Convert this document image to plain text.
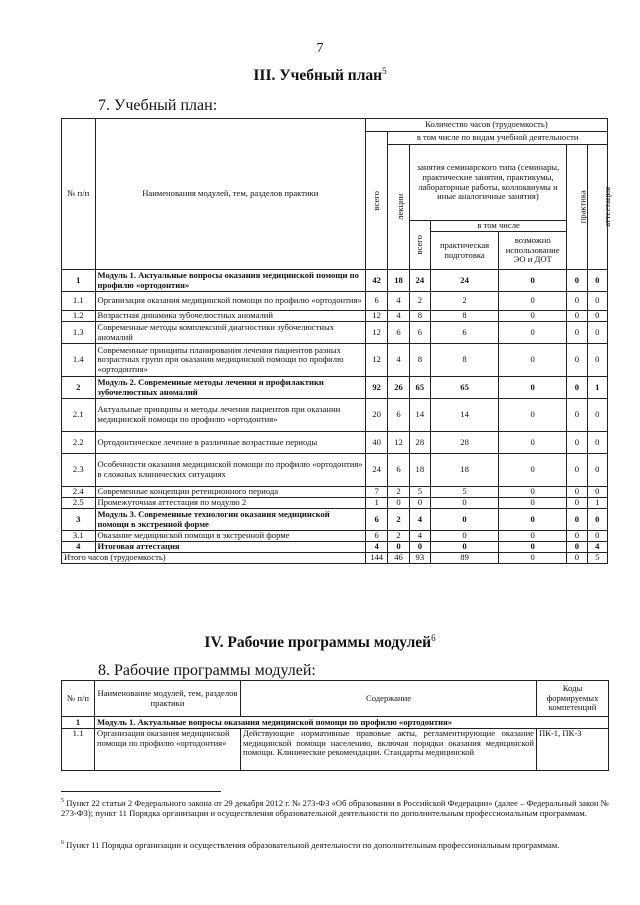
7
III. Учебный план$^5$
7. Учебный план:
№ п/п	Наименования модулей, тем, разделов практики	Количество часов (трудоемкость)						
		всего	в том числе по видам учебной деятельности					
			лекции	занятия семинарского типа (семинары, практические занятия, практикумы, лабораторные работы, коллоквиумы и иные аналогичные занятия)			практика	аттестация
				всего	в том числе			
					практическая подготовка	возможно использование ЭО и ДОТ		
1	Модуль 1. Актуальные вопросы оказания медицинской помощи по профилю «ортодонтия»	42	18	24	24	0	0	0
1.1	Организация оказания медицинской помощи по профилю «ортодонтия»	6	4	2	2	0	0	0
1.2	Возрастная динамика зубочелюстных аномалий	12	4	8	8	0	0	0
1.3	Современные методы комплексной диагностики зубочелюстных аномалий	12	6	6	6	0	0	0
1.4	Современные принципы планирования лечения пациентов разных возрастных групп при оказании медицинской помощи по профилю «ортодонтия»	12	4	8	8	0	0	0
2	Модуль 2. Современные методы лечения и профилактики зубочелюстных аномалий	92	26	65	65	0	0	1
2.1	Актуальные принципы и методы лечения пациентов при оказании медицинской помощи по профилю «ортодонтия»	20	6	14	14	0	0	0
2.2	Ортодонтическое лечение в различные возрастные периоды	40	12	28	28	0	0	0
2.3	Особенности оказания медицинской помощи по профилю «ортодонтия» в сложных клинических ситуациях	24	6	18	18	0	0	0
2.4	Современные концепции ретенционного периода	7	2	5	5	0	0	0
2.5	Промежуточная аттестация по модулю 2	1	0	0	0	0	0	1
3	Модуль 3. Современные технологии оказания медицинской помощи в экстренной форме	6	2	4	0	0	0	0
3.1	Оказание медицинской помощи в экстренной форме	6	2	4	0	0	0	0
4	Итоговая аттестация	4	0	0	0	0	0	4
Итого часов (трудоемкость)		144	46	93	89	0	0	5
IV. Рабочие программы модулей$^6$
8. Рабочие программы модулей:
№ п/п	Наименование модулей, тем, разделов практики	Содержание	Коды формируемых компетенций
1	Модуль 1. Актуальные вопросы оказания медицинской помощи по профилю «ортодонтия»		
1.1	Организация оказания медицинской помощи по профилю «ортодонтия»	Действующие нормативные правовые акты, регламентирующие оказание медицинской помощи населению, включая порядки оказания медицинской помощи. Клинические рекомендации. Стандарты медицинской	ПК-1, ПК-3
$^5$ Пункт 22 статьи 2 Федерального закона от 29 декабря 2012 г. № 273-ФЗ «Об образовании в Российской Федерации» (далее – Федеральный закон № 273-ФЗ); пункт 11 Порядка организации и осуществления образовательной деятельности по дополнительным профессиональным программам.
$^6$ Пункт 11 Порядка организации и осуществления образовательной деятельности по дополнительным профессиональным программам.
